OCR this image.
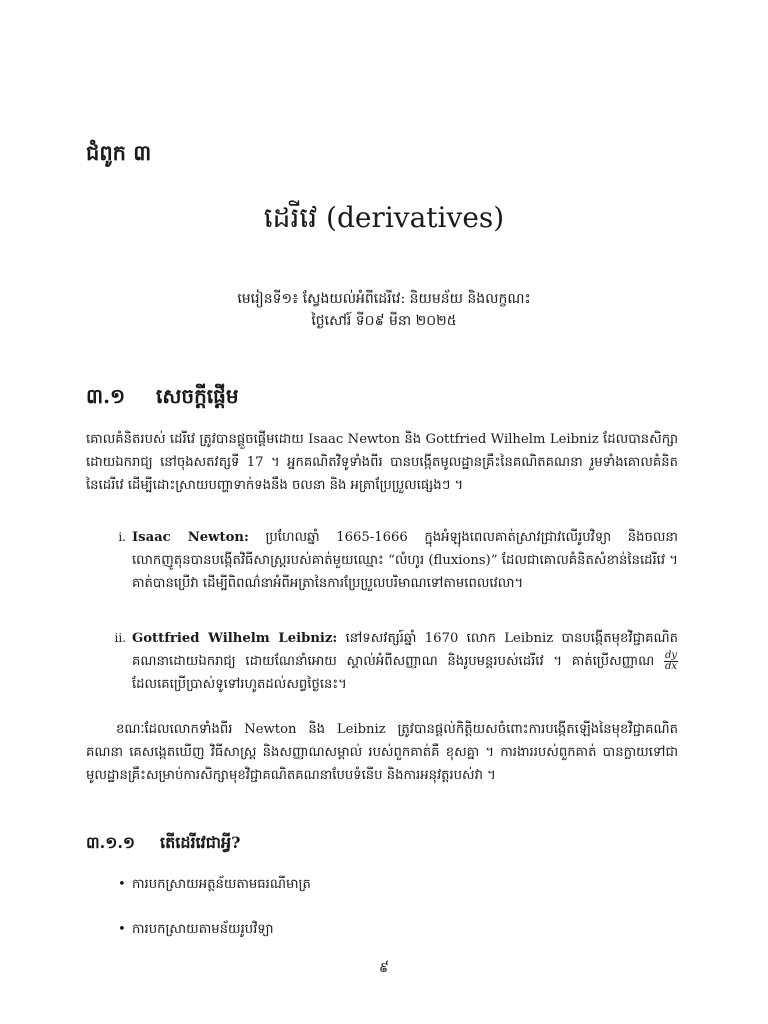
ជំពូក ៣
ដេរីវេ (derivatives)
មេរៀនទី១៖ ស្វែងយល់អំពីដេរីវេ: និយមន័យ និងលក្ខណះ
ថ្ងៃសៅរ៍ ទី០៩ មីនា ២០២៥
៣.១ សេចក្តីផ្តើម
គោលគំនិតរបស់ ដេរីវេ ត្រូវបានផ្តួចផ្តើមដោយ Isaac Newton និង Gottfried Wilhelm Leibniz ដែលបានសិក្សាដោយឯករាជ្យ នៅចុងសតវត្សទី 17 ។ អ្នកគណិតវិទូទាំងពីរ បានបង្កើតមូលដ្ឋានគ្រឹះនៃគណិតគណនា រួមទាំងគោលគំនិតនៃដេរីវេ ដើម្បីដោះស្រាយបញ្ហាទាក់ទងនឹង ចលនា និង អត្រាប្រែប្រួលផ្សេងៗ ។
i. Isaac Newton: ប្រហែលឆ្នាំ 1665-1666 ក្នុងអំឡុងពេលគាត់ស្រាវជ្រាវលើរូបវិទ្យា និងចលនា លោកញូតុនបានបង្កើតវិធីសាស្ត្ររបស់គាត់មួយឈ្មោះ “លំហូរ (fluxions)” ដែលជាគោលគំនិតសំខាន់នៃដេរីវេ ។ គាត់បានប្រើវា ដើម្បីពិពណ៌នាអំពីអត្រានៃការប្រែប្រួលបរិមាណទៅតាមពេលវេលា។
ii. Gottfried Wilhelm Leibniz: នៅទសវត្សរ៍ឆ្នាំ 1670 លោក Leibniz បានបង្កើតមុខវិជ្ជាគណិតគណនាដោយឯករាជ្យ ដោយណែនាំអោយ ស្គាល់អំពីសញ្ញាណ និងរូបមន្តរបស់ដេរីវេ ។ គាត់ប្រើសញ្ញាណ $\frac{dy}{dx}$
ដែលគេប្រើប្រាស់ទូទៅរហូតដល់សព្វថ្ងៃនេះ។
ខណៈដែលលោកទាំងពីរ Newton និង Leibniz ត្រូវបានផ្តល់កិត្តិយសចំពោះការបង្កើតឡើងនៃមុខវិជ្ជាគណិតគណនា គេសង្កេតឃើញ វិធីសាស្ត្រ និងសញ្ញាណសម្គាល់ របស់ពួកគាត់គឺ ខុសគ្នា ។ ការងាររបស់ពួកគាត់ បានក្លាយទៅជាមូលដ្ឋានគ្រឹះសម្រាប់ការសិក្សាមុខវិជ្ជាគណិតគណនាបែបទំនើប និងការអនុវត្តរបស់វា ។
៣.១.១ តើដេរីវេជាអ្វី?
• ការបកស្រាយអត្ថន័យតាមធរណីមាត្រ
• ការបកស្រាយតាមន័យរូបវិទ្យា
៩
